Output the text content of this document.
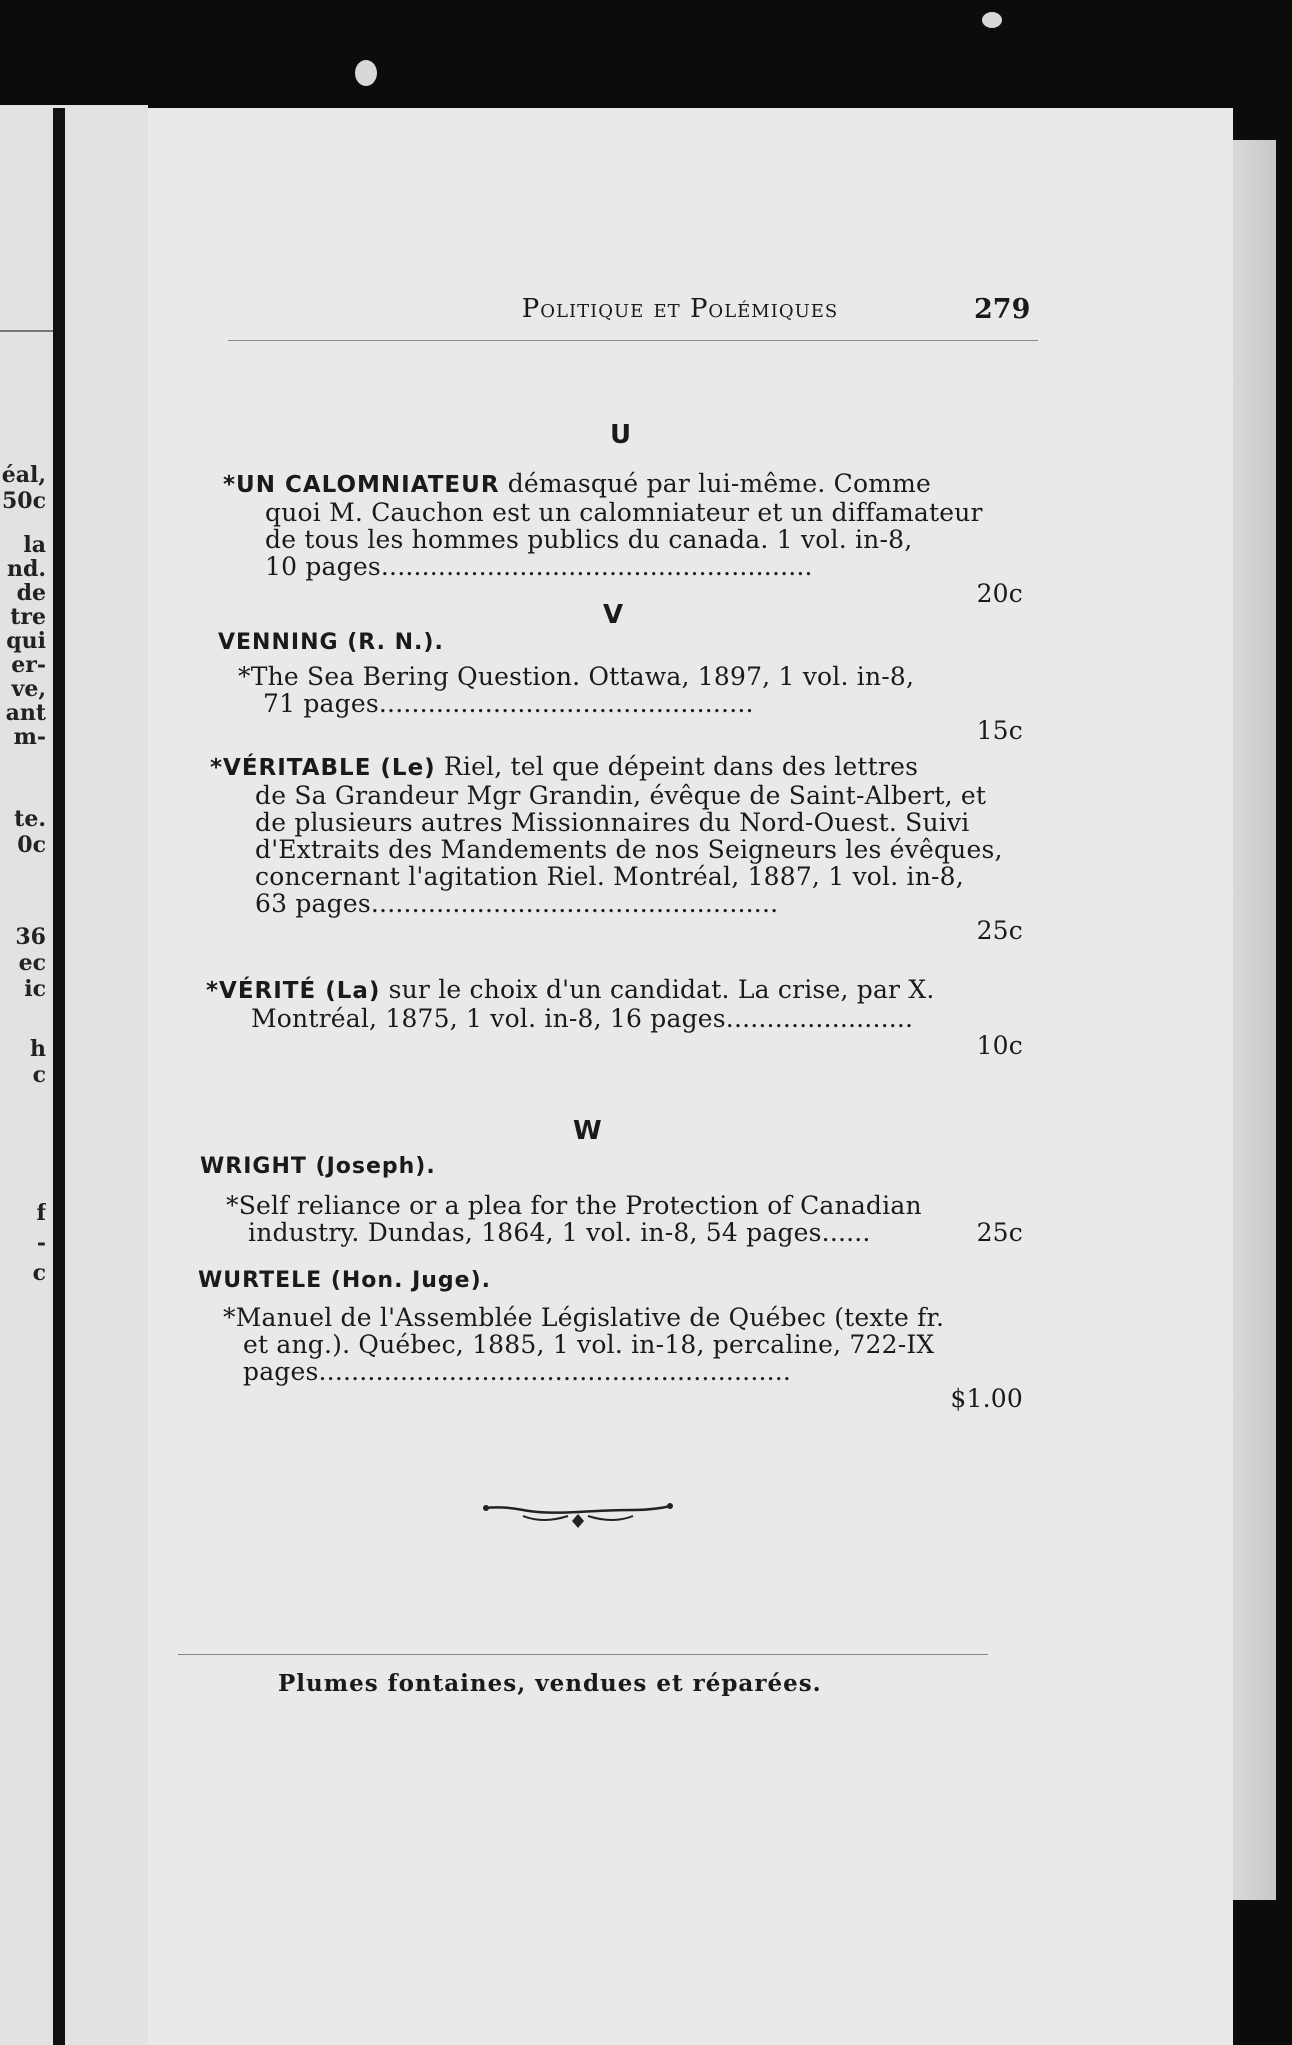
éal,
50c
la
nd.
de
tre
qui
er-
ve,
ant
m-
te.
0c
36
ec
ic
h
c
f
-
c
Politique et Polémiques	279
U
*UN CALOMNIATEUR démasqué par lui-même. Comme
quoi M. Cauchon est un calomniateur et un diffamateur
de tous les hommes publics du canada. 1 vol. in-8,
10 pages.....................................................
20c
V
VENNING (R. N.).
*The Sea Bering Question. Ottawa, 1897, 1 vol. in-8,
71 pages..............................................
15c
*VÉRITABLE (Le) Riel, tel que dépeint dans des lettres
de Sa Grandeur Mgr Grandin, évêque de Saint-Albert, et
de plusieurs autres Missionnaires du Nord-Ouest. Suivi
d'Extraits des Mandements de nos Seigneurs les évêques,
concernant l'agitation Riel. Montréal, 1887, 1 vol. in-8,
63 pages..................................................
25c
*VÉRITÉ (La) sur le choix d'un candidat. La crise, par X.
Montréal, 1875, 1 vol. in-8, 16 pages.......................
10c
W
WRIGHT (Joseph).
*Self reliance or a plea for the Protection of Canadian
industry. Dundas, 1864, 1 vol. in-8, 54 pages......	25c
WURTELE (Hon. Juge).
*Manuel de l'Assemblée Législative de Québec (texte fr.
et ang.). Québec, 1885, 1 vol. in-18, percaline, 722-IX
pages..........................................................
$1.00
Plumes fontaines, vendues et réparées.
